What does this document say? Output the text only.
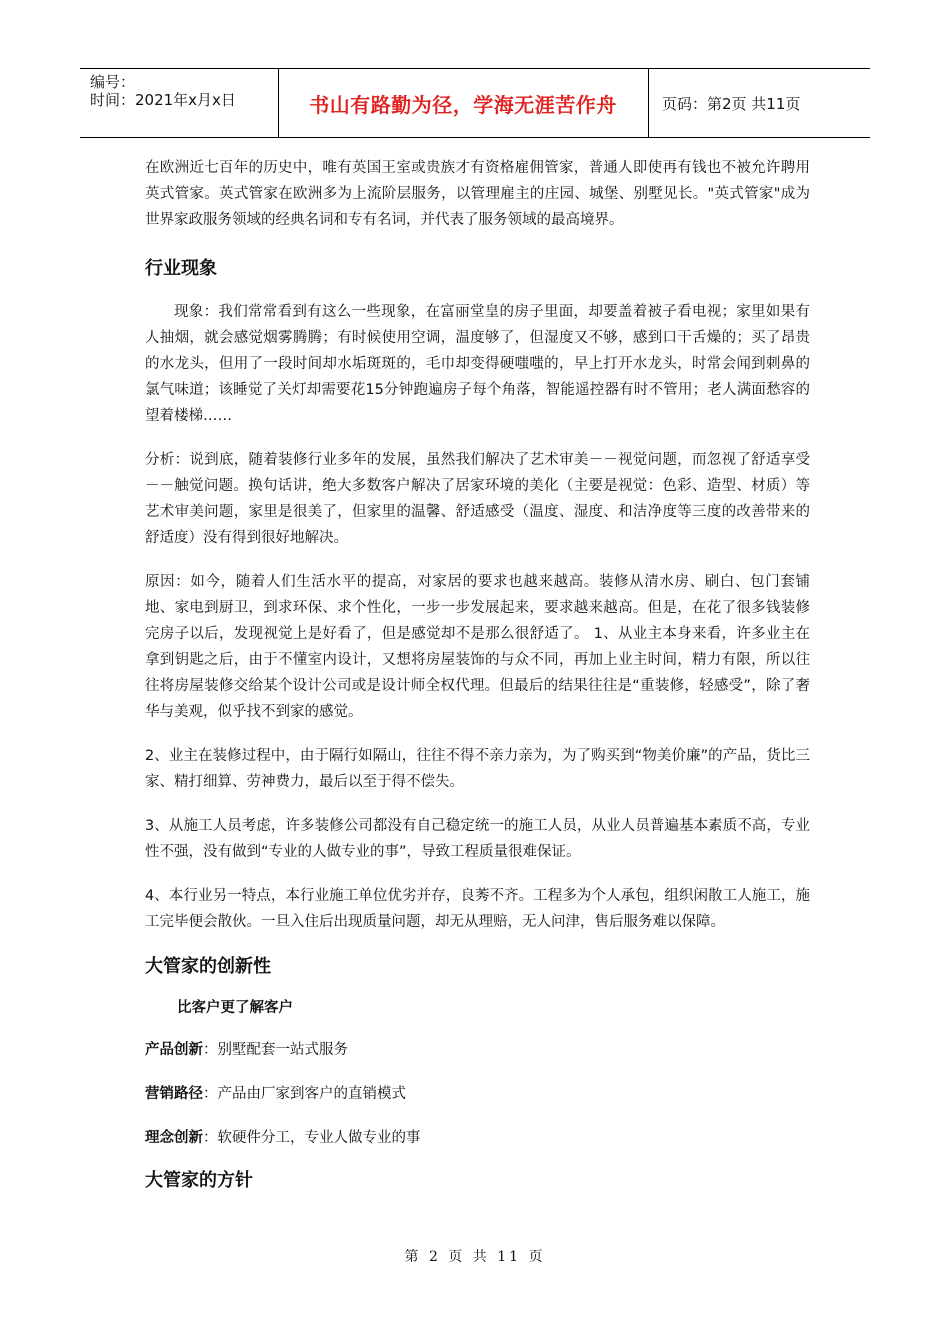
编号：
时间：2021年x月x日	书山有路勤为径，学海无涯苦作舟	页码：第2页 共11页

在欧洲近七百年的历史中，唯有英国王室或贵族才有资格雇佣管家，普通人即使再有钱也不被允许聘用英式管家。英式管家在欧洲多为上流阶层服务，以管理雇主的庄园、城堡、别墅见长。"英式管家"成为世界家政服务领域的经典名词和专有名词，并代表了服务领域的最高境界。

行业现象

现象：我们常常看到有这么一些现象，在富丽堂皇的房子里面，却要盖着被子看电视；家里如果有人抽烟，就会感觉烟雾腾腾；有时候使用空调，温度够了，但湿度又不够，感到口干舌燥的；买了昂贵的水龙头，但用了一段时间却水垢斑斑的，毛巾却变得硬嗤嗤的，早上打开水龙头，时常会闻到刺鼻的氯气味道；该睡觉了关灯却需要花15分钟跑遍房子每个角落，智能遥控器有时不管用；老人满面愁容的望着楼梯……

分析：说到底，随着装修行业多年的发展，虽然我们解决了艺术审美－－视觉问题，而忽视了舒适享受－－触觉问题。换句话讲，绝大多数客户解决了居家环境的美化（主要是视觉：色彩、造型、材质）等艺术审美问题，家里是很美了，但家里的温馨、舒适感受（温度、湿度、和洁净度等三度的改善带来的舒适度）没有得到很好地解决。

原因：如今，随着人们生活水平的提高，对家居的要求也越来越高。装修从清水房、刷白、包门套铺地、家电到厨卫，到求环保、求个性化，一步一步发展起来，要求越来越高。但是，在花了很多钱装修完房子以后，发现视觉上是好看了，但是感觉却不是那么很舒适了。 1、从业主本身来看，许多业主在拿到钥匙之后，由于不懂室内设计，又想将房屋装饰的与众不同，再加上业主时间，精力有限，所以往往将房屋装修交给某个设计公司或是设计师全权代理。但最后的结果往往是“重装修，轻感受”，除了奢华与美观，似乎找不到家的感觉。

2、业主在装修过程中，由于隔行如隔山，往往不得不亲力亲为，为了购买到“物美价廉”的产品，货比三家、精打细算、劳神费力，最后以至于得不偿失。

3、从施工人员考虑，许多装修公司都没有自己稳定统一的施工人员，从业人员普遍基本素质不高，专业性不强，没有做到“专业的人做专业的事”，导致工程质量很难保证。

4、本行业另一特点，本行业施工单位优劣并存，良莠不齐。工程多为个人承包，组织闲散工人施工，施工完毕便会散伙。一旦入住后出现质量问题，却无从理赔，无人问津，售后服务难以保障。

大管家的创新性

比客户更了解客户

产品创新：别墅配套一站式服务

营销路径：产品由厂家到客户的直销模式

理念创新：软硬件分工，专业人做专业的事

大管家的方针
第 2 页 共 11 页
